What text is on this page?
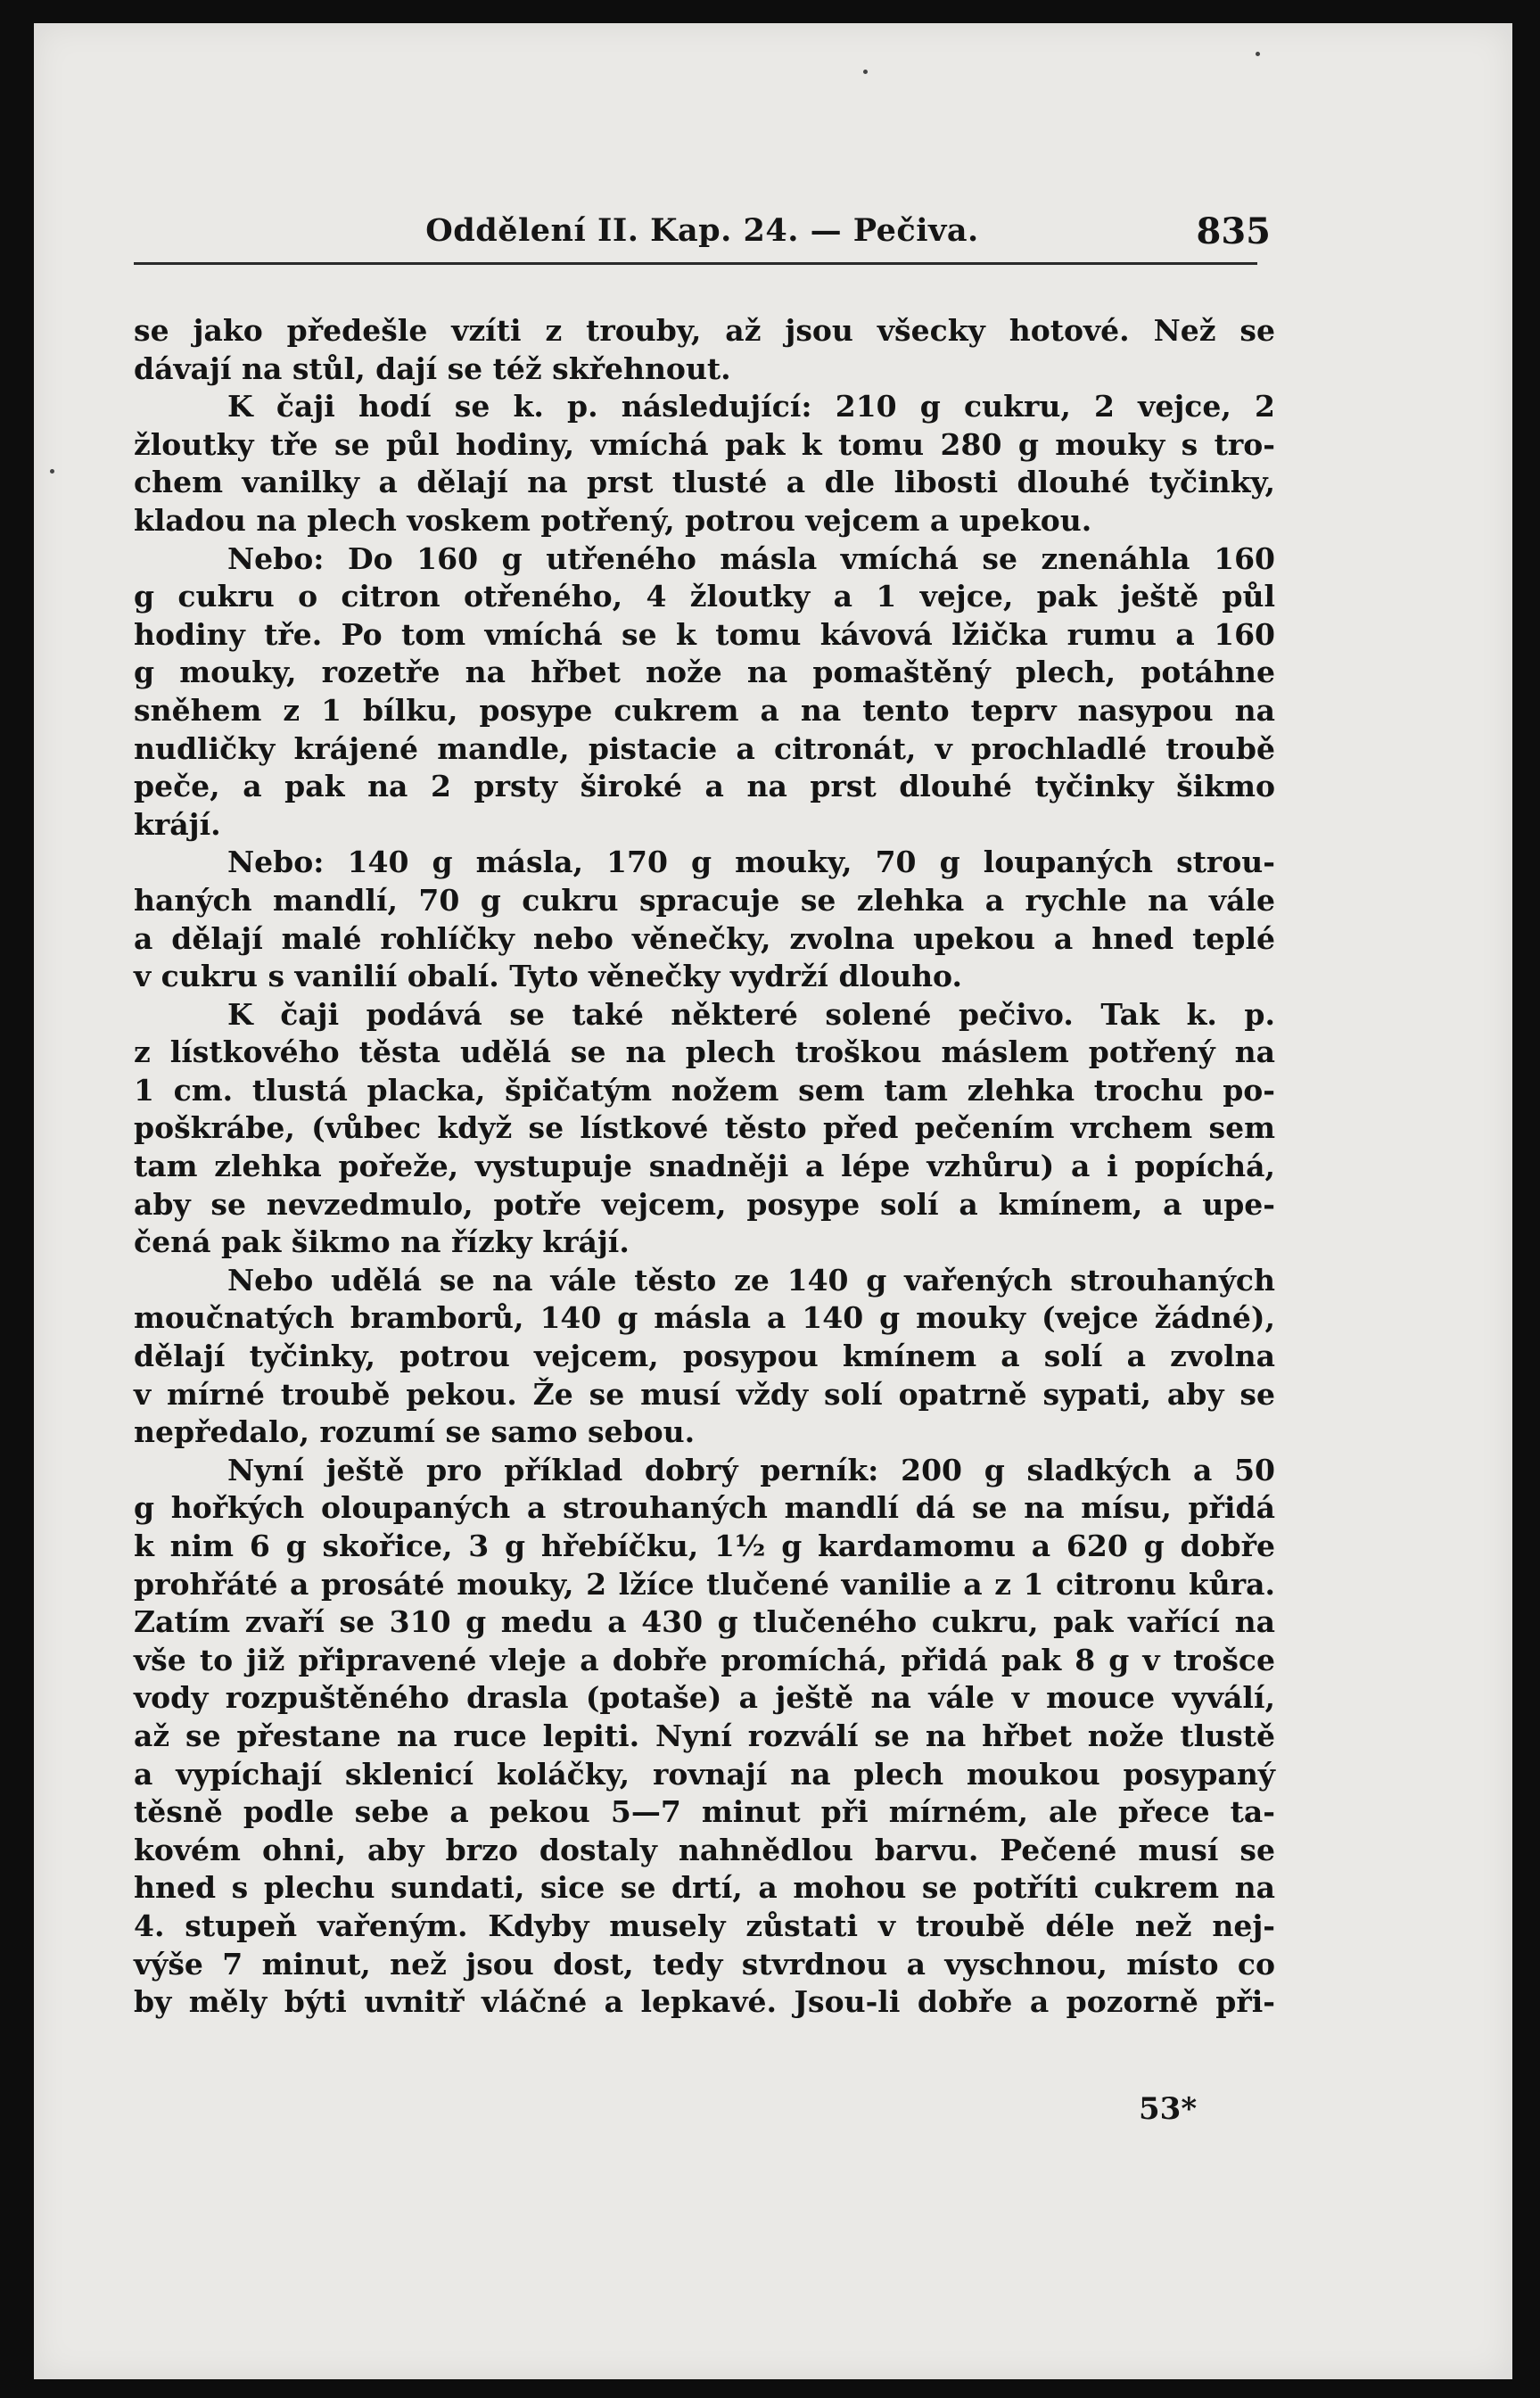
Oddělení II. Kap. 24. — Pečiva.	835
se jako předešle vzíti z trouby, až jsou všecky hotové. Než se
dávají na stůl, dají se též skřehnout.
K čaji hodí se k. p. následující: 210 g cukru, 2 vejce, 2
žloutky tře se půl hodiny, vmíchá pak k tomu 280 g mouky s tro-
chem vanilky a dělají na prst tlusté a dle libosti dlouhé tyčinky,
kladou na plech voskem potřený, potrou vejcem a upekou.
Nebo: Do 160 g utřeného másla vmíchá se znenáhla 160
g cukru o citron otřeného, 4 žloutky a 1 vejce, pak ještě půl
hodiny tře. Po tom vmíchá se k tomu kávová lžička rumu a 160
g mouky, rozetře na hřbet nože na pomaštěný plech, potáhne
sněhem z 1 bílku, posype cukrem a na tento teprv nasypou na
nudličky krájené mandle, pistacie a citronát, v prochladlé troubě
peče, a pak na 2 prsty široké a na prst dlouhé tyčinky šikmo
krájí.
Nebo: 140 g másla, 170 g mouky, 70 g loupaných strou-
haných mandlí, 70 g cukru spracuje se zlehka a rychle na vále
a dělají malé rohlíčky nebo věnečky, zvolna upekou a hned teplé
v cukru s vanilií obalí. Tyto věnečky vydrží dlouho.
K čaji podává se také některé solené pečivo. Tak k. p.
z lístkového těsta udělá se na plech troškou máslem potřený na
1 cm. tlustá placka, špičatým nožem sem tam zlehka trochu po-
poškrábe, (vůbec když se lístkové těsto před pečením vrchem sem
tam zlehka pořeže, vystupuje snadněji a lépe vzhůru) a i popíchá,
aby se nevzedmulo, potře vejcem, posype solí a kmínem, a upe-
čená pak šikmo na řízky krájí.
Nebo udělá se na vále těsto ze 140 g vařených strouhaných
moučnatých bramborů, 140 g másla a 140 g mouky (vejce žádné),
dělají tyčinky, potrou vejcem, posypou kmínem a solí a zvolna
v mírné troubě pekou. Že se musí vždy solí opatrně sypati, aby se
nepředalo, rozumí se samo sebou.
Nyní ještě pro příklad dobrý perník: 200 g sladkých a 50
g hořkých oloupaných a strouhaných mandlí dá se na mísu, přidá
k nim 6 g skořice, 3 g hřebíčku, 1½ g kardamomu a 620 g dobře
prohřáté a prosáté mouky, 2 lžíce tlučené vanilie a z 1 citronu kůra.
Zatím zvaří se 310 g medu a 430 g tlučeného cukru, pak vařící na
vše to již připravené vleje a dobře promíchá, přidá pak 8 g v trošce
vody rozpuštěného drasla (potaše) a ještě na vále v mouce vyválí,
až se přestane na ruce lepiti. Nyní rozválí se na hřbet nože tlustě
a vypíchají sklenicí koláčky, rovnají na plech moukou posypaný
těsně podle sebe a pekou 5—7 minut při mírném, ale přece ta-
kovém ohni, aby brzo dostaly nahnědlou barvu. Pečené musí se
hned s plechu sundati, sice se drtí, a mohou se potříti cukrem na
4. stupeň vařeným. Kdyby musely zůstati v troubě déle než nej-
výše 7 minut, než jsou dost, tedy stvrdnou a vyschnou, místo co
by měly býti uvnitř vláčné a lepkavé. Jsou-li dobře a pozorně při-
53*
